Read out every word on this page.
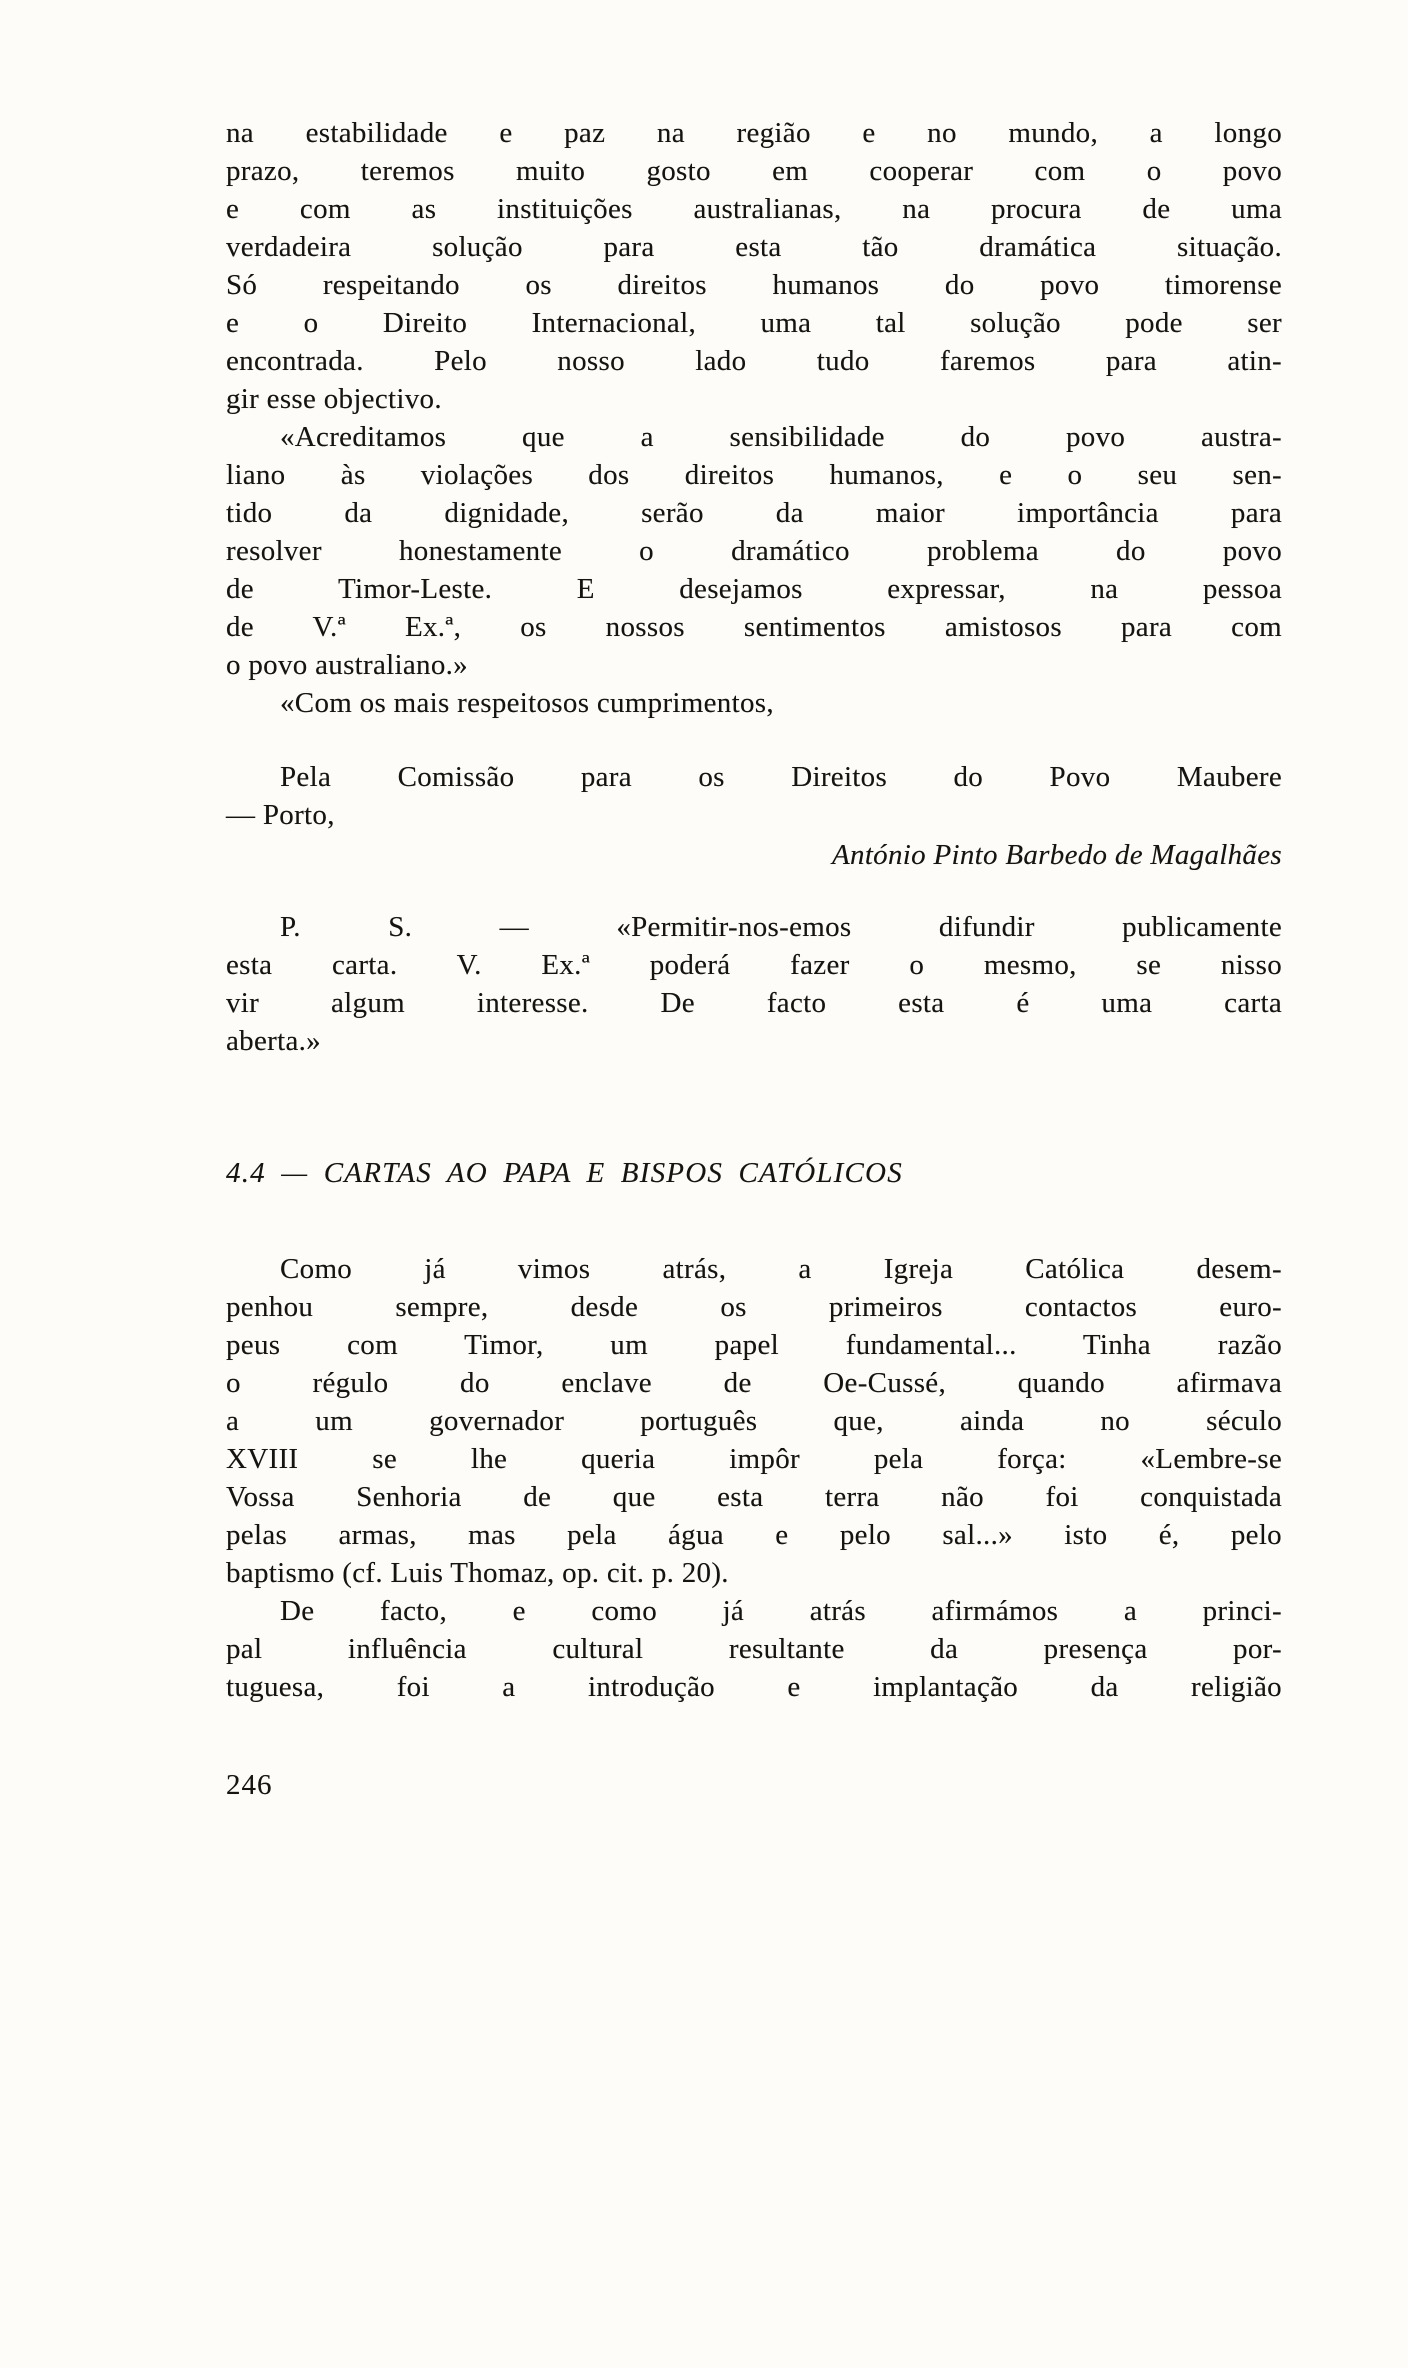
na estabilidade e paz na região e no mundo, a longo
prazo, teremos muito gosto em cooperar com o povo
e com as instituições australianas, na procura de uma
verdadeira solução para esta tão dramática situação.
Só respeitando os direitos humanos do povo timorense
e o Direito Internacional, uma tal solução pode ser
encontrada. Pelo nosso lado tudo faremos para atin-
gir esse objectivo.
«Acreditamos que a sensibilidade do povo austra-
liano às violações dos direitos humanos, e o seu sen-
tido da dignidade, serão da maior importância para
resolver honestamente o dramático problema do povo
de Timor-Leste. E desejamos expressar, na pessoa
de V.ª Ex.ª, os nossos sentimentos amistosos para com
o povo australiano.»
«Com os mais respeitosos cumprimentos,
Pela Comissão para os Direitos do Povo Maubere
— Porto,
António Pinto Barbedo de Magalhães
P. S. — «Permitir-nos-emos difundir publicamente
esta carta. V. Ex.ª poderá fazer o mesmo, se nisso
vir algum interesse. De facto esta é uma carta
aberta.»
4.4 — CARTAS AO PAPA E BISPOS CATÓLICOS
Como já vimos atrás, a Igreja Católica desem-
penhou sempre, desde os primeiros contactos euro-
peus com Timor, um papel fundamental... Tinha razão
o régulo do enclave de Oe-Cussé, quando afirmava
a um governador português que, ainda no século
XVIII se lhe queria impôr pela força: «Lembre-se
Vossa Senhoria de que esta terra não foi conquistada
pelas armas, mas pela água e pelo sal...» isto é, pelo
baptismo (cf. Luis Thomaz, op. cit. p. 20).
De facto, e como já atrás afirmámos a princi-
pal influência cultural resultante da presença por-
tuguesa, foi a introdução e implantação da religião
246
